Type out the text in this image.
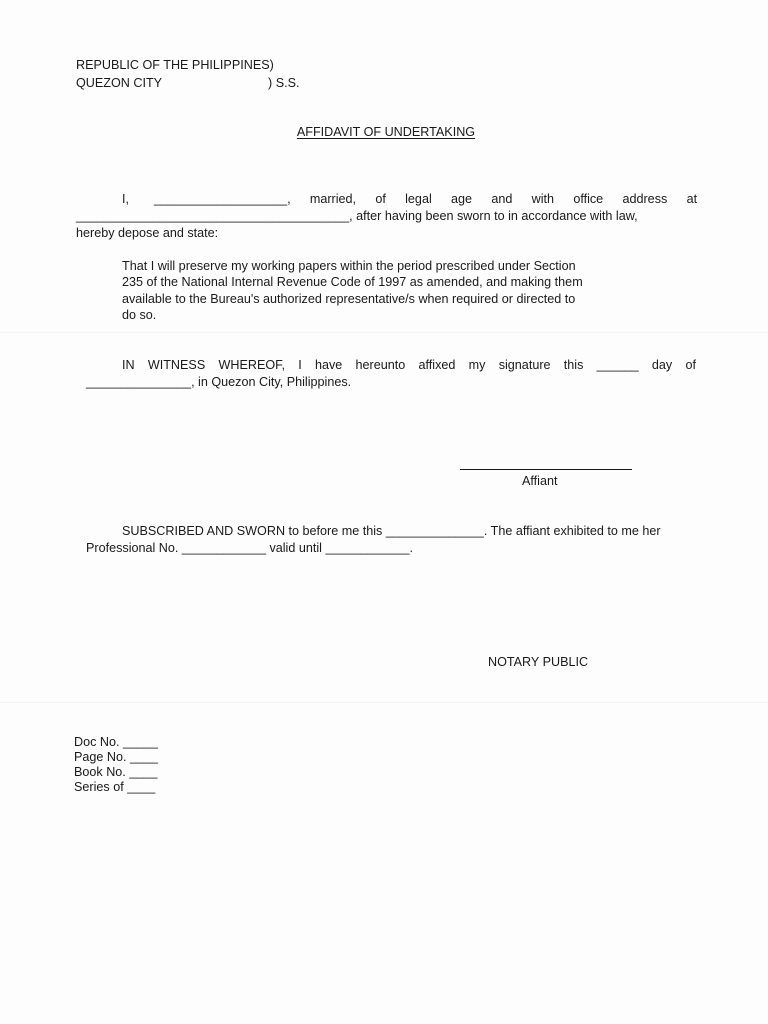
REPUBLIC OF THE PHILIPPINES)
QUEZON CITY	) S.S.
AFFIDAVIT OF UNDERTAKING
I, ___________________, married, of legal age and with office address at
_______________________________________, after having been sworn to in accordance with law,
hereby depose and state:
That I will preserve my working papers within the period prescribed under Section
235 of the National Internal Revenue Code of 1997 as amended, and making them
available to the Bureau's authorized representative/s when required or directed to
do so.
IN WITNESS WHEREOF, I have hereunto affixed my signature this ______ day of
_______________, in Quezon City, Philippines.
Affiant
SUBSCRIBED AND SWORN to before me this ______________. The affiant exhibited to me her
Professional No. ____________ valid until ____________.
NOTARY PUBLIC
Doc No. _____
Page No. ____
Book No. ____
Series of ____
